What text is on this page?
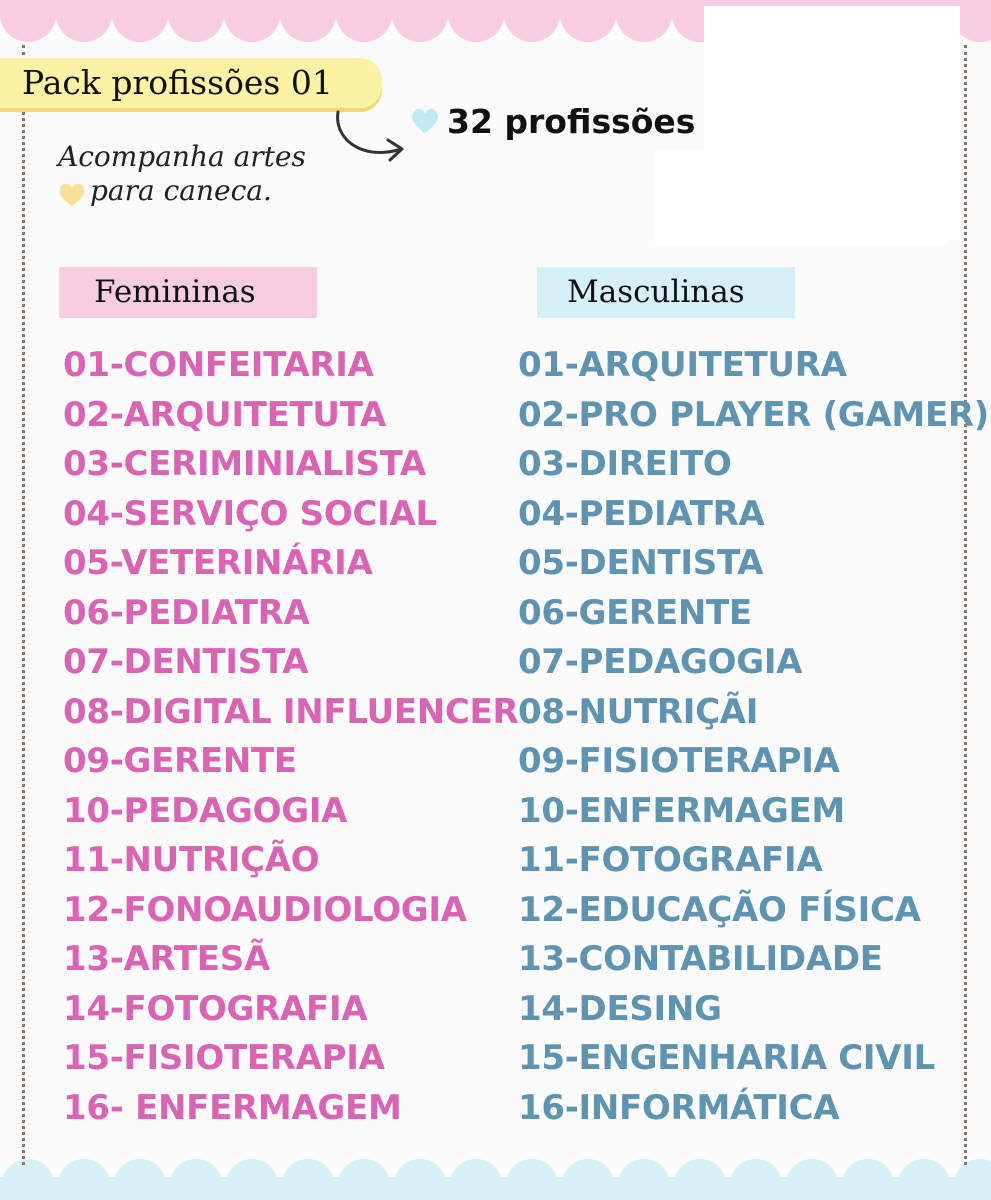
Pack profissões 01
32 profissões
Acompanha artes
para caneca.
Femininas	Masculinas
01-CONFEITARIA
02-ARQUITETUTA
03-CERIMINIALISTA
04-SERVIÇO SOCIAL
05-VETERINÁRIA
06-PEDIATRA
07-DENTISTA
08-DIGITAL INFLUENCER
09-GERENTE
10-PEDAGOGIA
11-NUTRIÇÃO
12-FONOAUDIOLOGIA
13-ARTESÃ
14-FOTOGRAFIA
15-FISIOTERAPIA
16- ENFERMAGEM
01-ARQUITETURA
02-PRO PLAYER (GAMER)
03-DIREITO
04-PEDIATRA
05-DENTISTA
06-GERENTE
07-PEDAGOGIA
08-NUTRIÇÃI
09-FISIOTERAPIA
10-ENFERMAGEM
11-FOTOGRAFIA
12-EDUCAÇÃO FÍSICA
13-CONTABILIDADE
14-DESING
15-ENGENHARIA CIVIL
16-INFORMÁTICA
